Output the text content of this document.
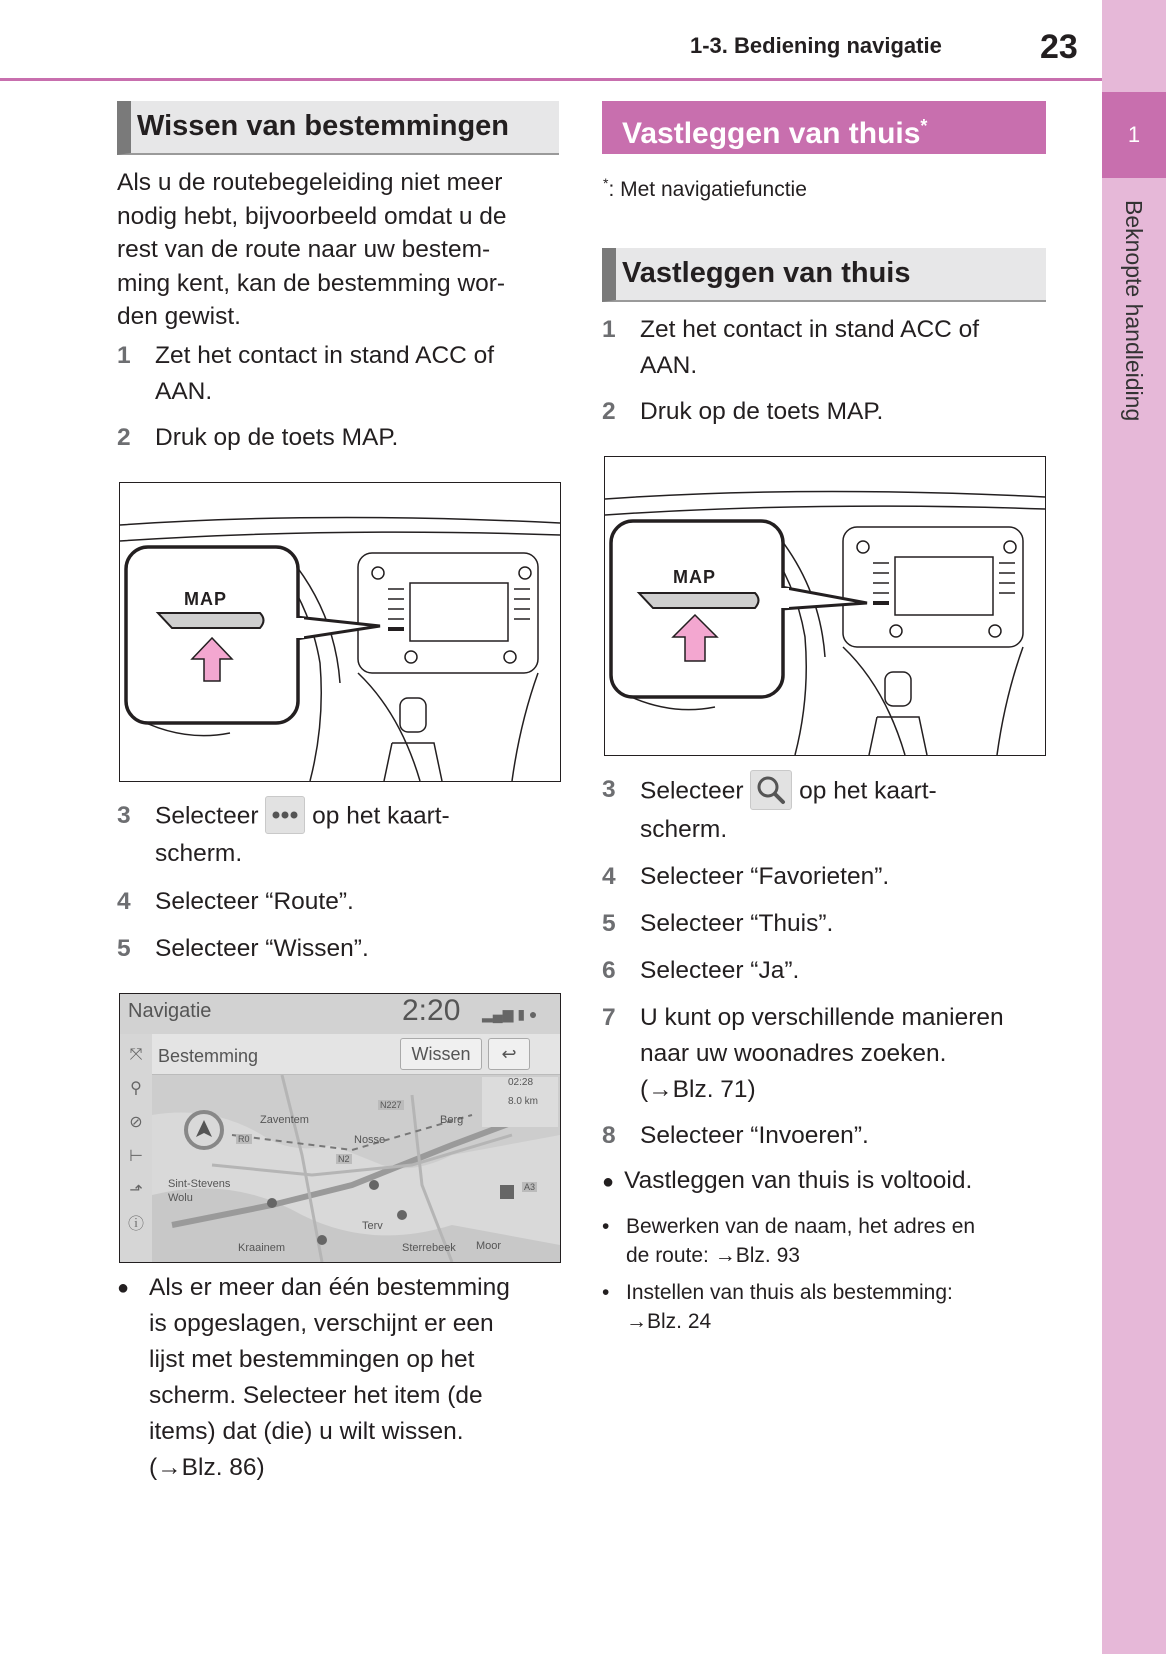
1-3. Bediening navigatie	23
1
Beknopte handleiding
Wissen van bestemmingen
Als u de routebegeleiding niet meer
nodig hebt, bijvoorbeeld omdat u de
rest van de route naar uw bestem-
ming kent, kan de bestemming wor-
den gewist.
1 Zet het contact in stand ACC of
AAN.
2 Druk op de toets MAP.
MAP
3 Selecteer op het kaart-
scherm.
4 Selecteer “Route”.
5 Selecteer “Wissen”.
Navigatie	2:20 ▂▄▆ ▮ ●
⤧
⚲
⊘
⊢
⬏
ⓘ
Bestemming	Wissen	↩
02:28
8.0 km
Zaventem
Nosse
R0
N227
N2
Berg
Sint-Stevens
Wolu
Terv
Kraainem	Sterrebeek Moor
A3
● Als er meer dan één bestemming
is opgeslagen, verschijnt er een
lijst met bestemmingen op het
scherm. Selecteer het item (de
items) dat (die) u wilt wissen.
(→Blz. 86)
Vastleggen van thuis*
*: Met navigatiefunctie
Vastleggen van thuis
1 Zet het contact in stand ACC of
AAN.
2 Druk op de toets MAP.
MAP
3 Selecteer op het kaart-
scherm.
4 Selecteer “Favorieten”.
5 Selecteer “Thuis”.
6 Selecteer “Ja”.
7 U kunt op verschillende manieren
naar uw woonadres zoeken.
(→Blz. 71)
8 Selecteer “Invoeren”.
● Vastleggen van thuis is voltooid.
• Bewerken van de naam, het adres en
de route: →Blz. 93
• Instellen van thuis als bestemming:
→Blz. 24
